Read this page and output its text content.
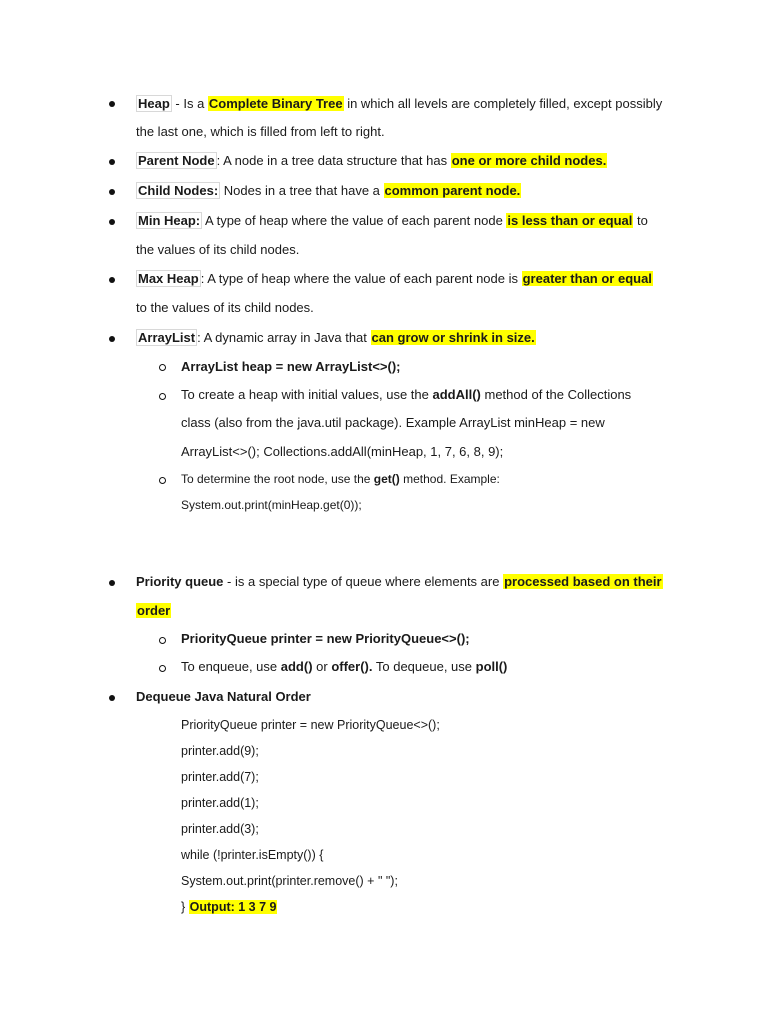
Heap - Is a Complete Binary Tree in which all levels are completely filled, except possibly
the last one, which is filled from left to right.
Parent Node : A node in a tree data structure that has one or more child nodes.
Child Nodes: Nodes in a tree that have a common parent node.
Min Heap: A type of heap where the value of each parent node is less than or equal to
the values of its child nodes.
Max Heap : A type of heap where the value of each parent node is greater than or equal
to the values of its child nodes.
ArrayList : A dynamic array in Java that can grow or shrink in size.
ArrayList heap = new ArrayList<>();
To create a heap with initial values, use the addAll() method of the Collections
class (also from the java.util package). Example ArrayList minHeap = new
ArrayList<>(); Collections.addAll(minHeap, 1, 7, 6, 8, 9);
To determine the root node, use the get() method. Example:
System.out.print(minHeap.get(0));
Priority queue - is a special type of queue where elements are processed based on their
order
PriorityQueue printer = new PriorityQueue<>();
To enqueue, use add() or offer(). To dequeue, use poll()
Dequeue Java Natural Order
PriorityQueue printer = new PriorityQueue<>();
printer.add(9);
printer.add(7);
printer.add(1);
printer.add(3);
while (!printer.isEmpty()) {
System.out.print(printer.remove() + " ");
} Output: 1 3 7 9
